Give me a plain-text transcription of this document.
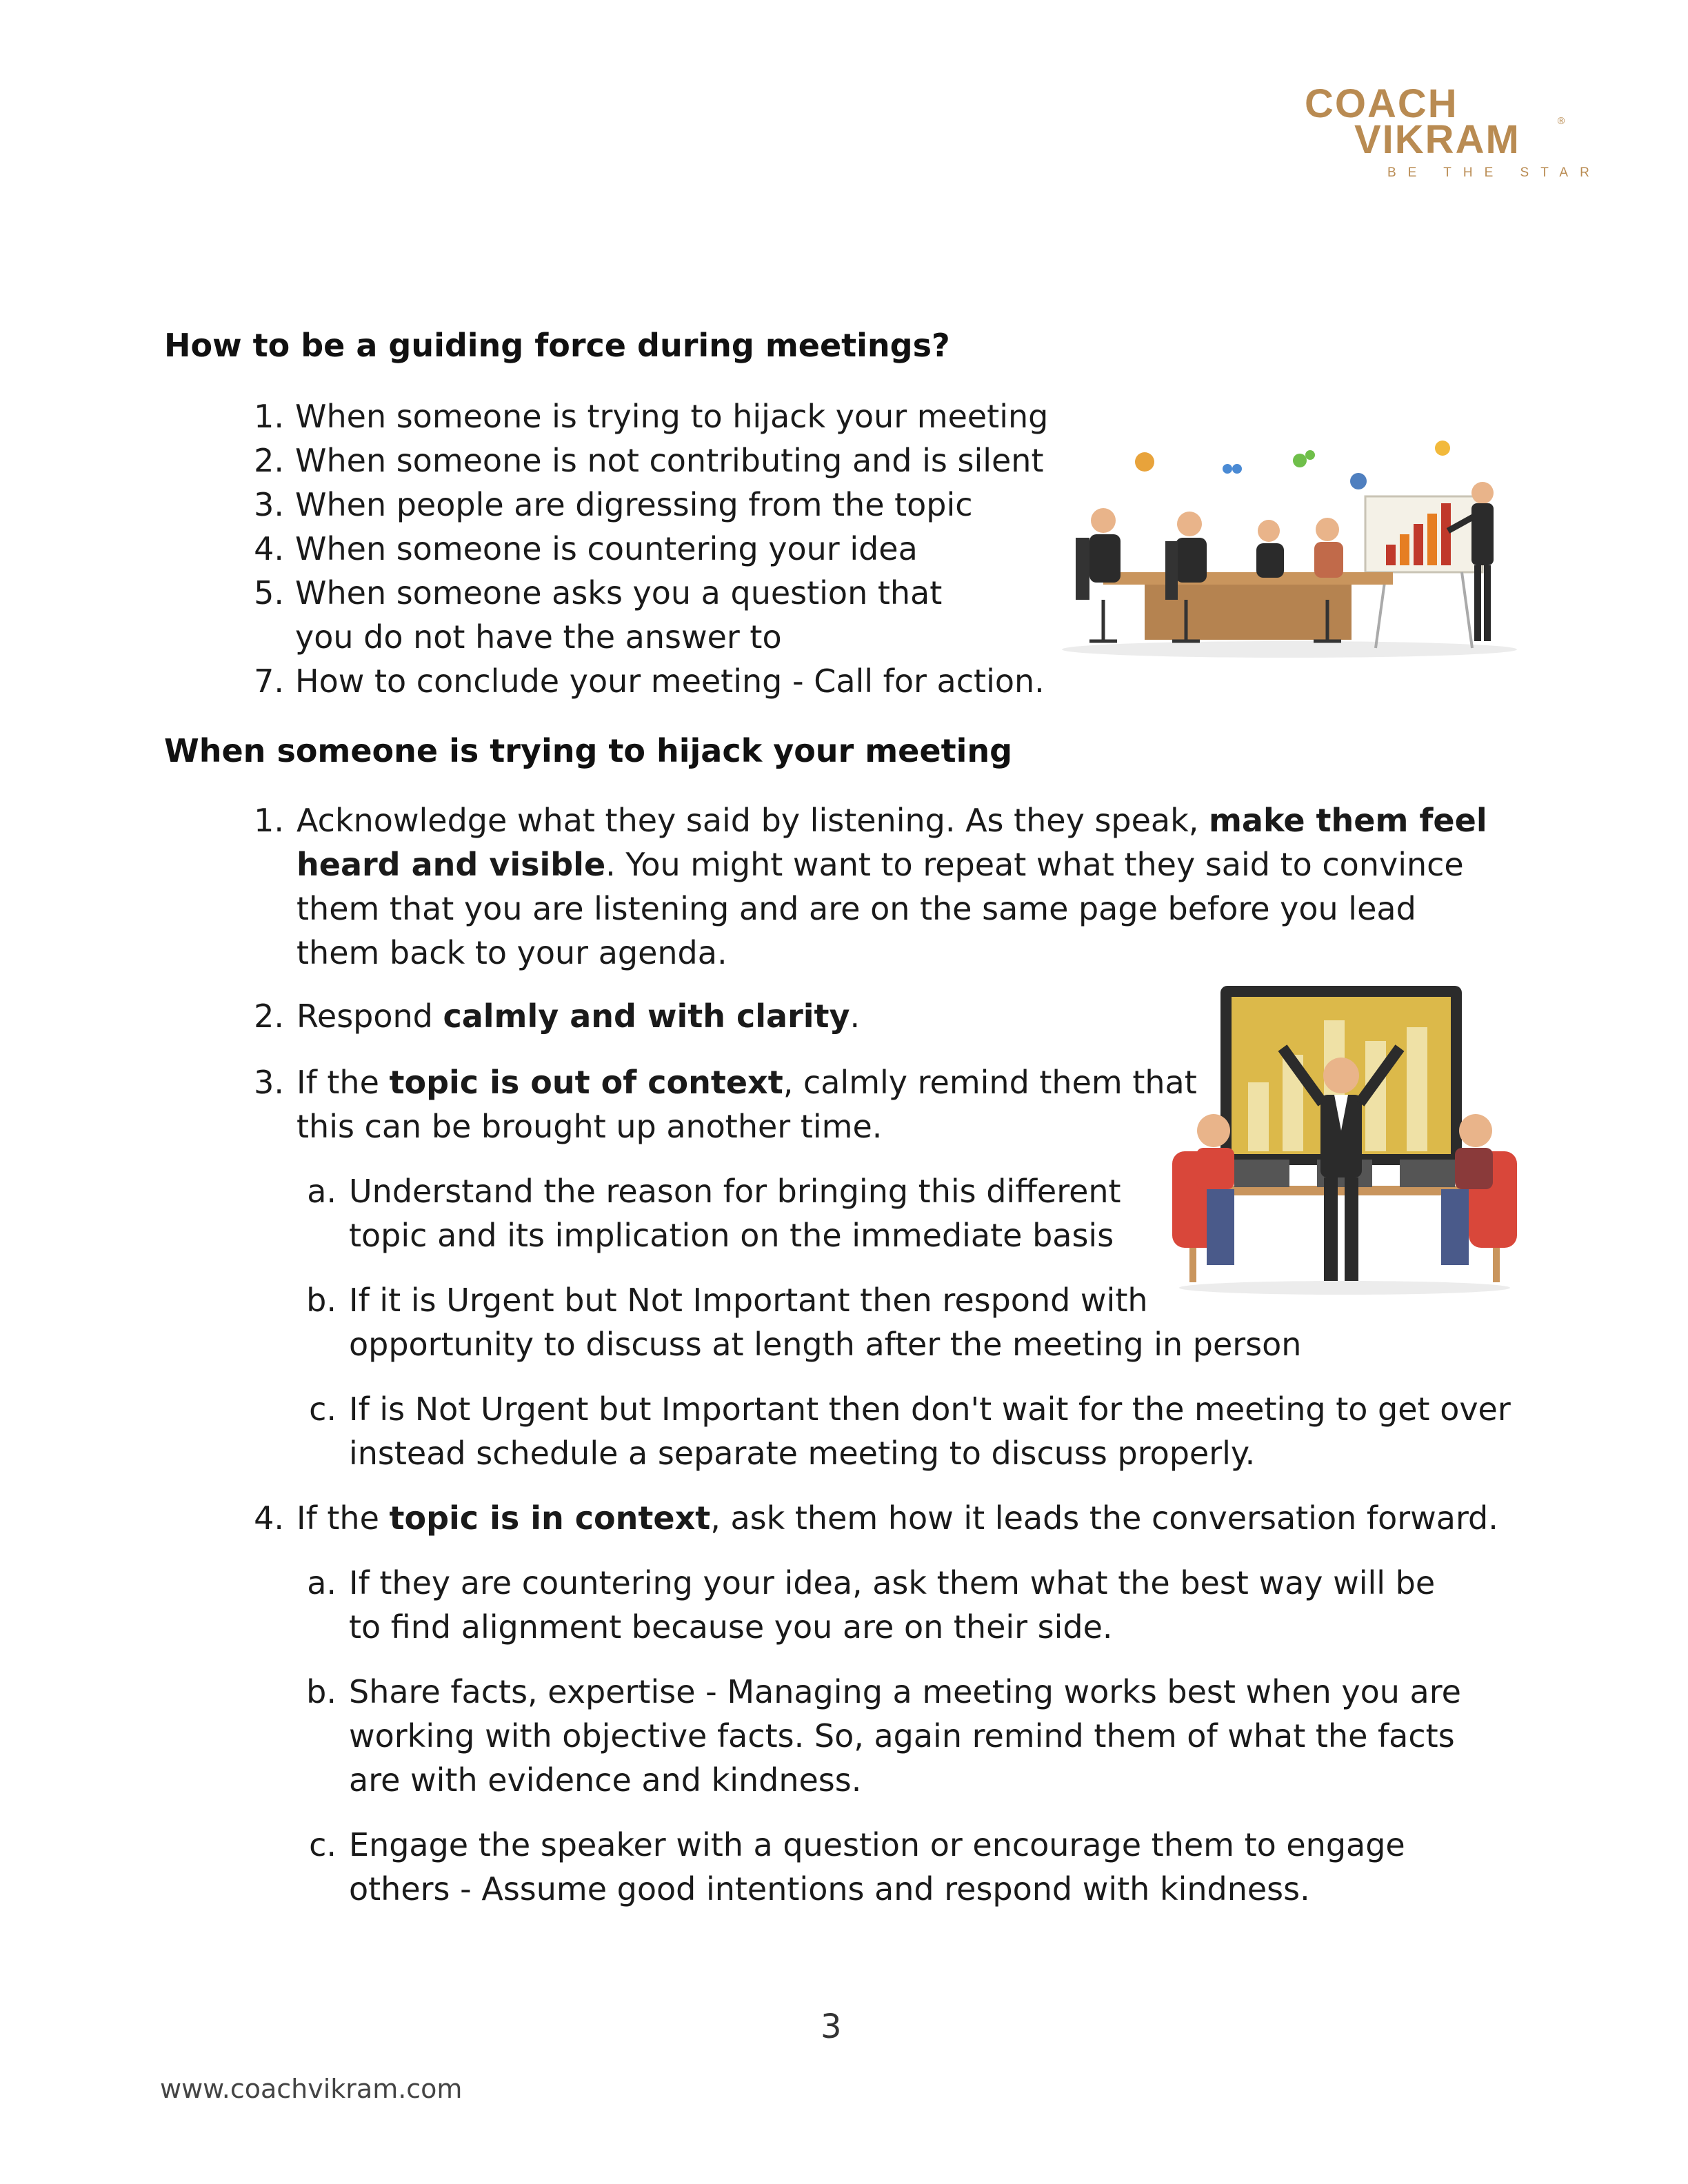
COACH
VIKRAM	®
BE THE STAR
How to be a guiding force during meetings?
1. When someone is trying to hijack your meeting
2. When someone is not contributing and is silent
3. When people are digressing from the topic
4. When someone is countering your idea
5. When someone asks you a question that
you do not have the answer to
7. How to conclude your meeting - Call for action.
When someone is trying to hijack your meeting
1. Acknowledge what they said by listening. As they speak, make them feel
heard and visible. You might want to repeat what they said to convince
them that you are listening and are on the same page before you lead
them back to your agenda.
2. Respond calmly and with clarity.
3. If the topic is out of context, calmly remind them that
this can be brought up another time.
a. Understand the reason for bringing this different
topic and its implication on the immediate basis
b. If it is Urgent but Not Important then respond with
opportunity to discuss at length after the meeting in person
c. If is Not Urgent but Important then don't wait for the meeting to get over
instead schedule a separate meeting to discuss properly.
4. If the topic is in context, ask them how it leads the conversation forward.
a. If they are countering your idea, ask them what the best way will be
to find alignment because you are on their side.
b. Share facts, expertise - Managing a meeting works best when you are
working with objective facts. So, again remind them of what the facts
are with evidence and kindness.
c. Engage the speaker with a question or encourage them to engage
others - Assume good intentions and respond with kindness.
3
www.coachvikram.com
